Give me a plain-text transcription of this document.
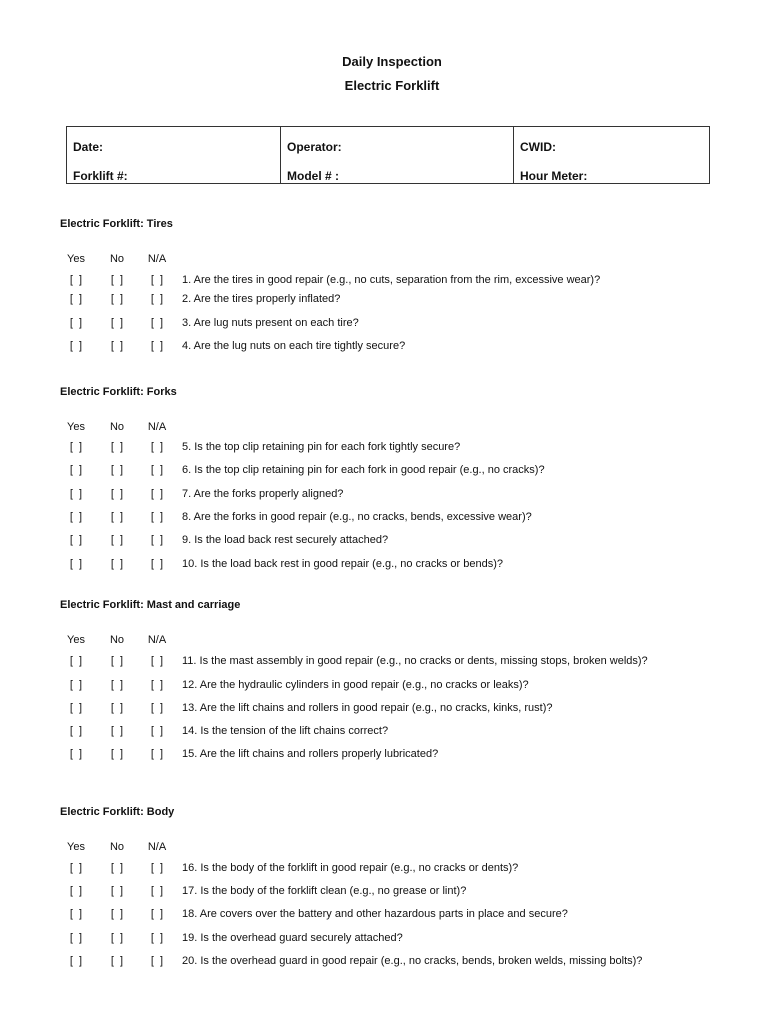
Daily Inspection
Electric Forklift
Date:	Operator:	CWID:
Forklift #:	Model # :	Hour Meter:
Electric Forklift: Tires
Yes	No	N/A
[  ]	[  ]	[  ]	1. Are the tires in good repair (e.g., no cuts, separation from the rim, excessive wear)?
[  ]	[  ]	[  ]	2. Are the tires properly inflated?
[  ]	[  ]	[  ]	3. Are lug nuts present on each tire?
[  ]	[  ]	[  ]	4. Are the lug nuts on each tire tightly secure?
Electric Forklift: Forks
Yes	No	N/A
[  ]	[  ]	[  ]	5. Is the top clip retaining pin for each fork tightly secure?
[  ]	[  ]	[  ]	6. Is the top clip retaining pin for each fork in good repair (e.g., no cracks)?
[  ]	[  ]	[  ]	7. Are the forks properly aligned?
[  ]	[  ]	[  ]	8. Are the forks in good repair (e.g., no cracks, bends, excessive wear)?
[  ]	[  ]	[  ]	9. Is the load back rest securely attached?
[  ]	[  ]	[  ]	10. Is the load back rest in good repair (e.g., no cracks or bends)?
Electric Forklift: Mast and carriage
Yes	No	N/A
[  ]	[  ]	[  ]	11. Is the mast assembly in good repair (e.g., no cracks or dents, missing stops, broken welds)?
[  ]	[  ]	[  ]	12. Are the hydraulic cylinders in good repair (e.g., no cracks or leaks)?
[  ]	[  ]	[  ]	13. Are the lift chains and rollers in good repair (e.g., no cracks, kinks, rust)?
[  ]	[  ]	[  ]	14. Is the tension of the lift chains correct?
[  ]	[  ]	[  ]	15. Are the lift chains and rollers properly lubricated?
Electric Forklift: Body
Yes	No	N/A
[  ]	[  ]	[  ]	16. Is the body of the forklift in good repair (e.g., no cracks or dents)?
[  ]	[  ]	[  ]	17. Is the body of the forklift clean (e.g., no grease or lint)?
[  ]	[  ]	[  ]	18. Are covers over the battery and other hazardous parts in place and secure?
[  ]	[  ]	[  ]	19. Is the overhead guard securely attached?
[  ]	[  ]	[  ]	20. Is the overhead guard in good repair (e.g., no cracks, bends, broken welds, missing bolts)?
